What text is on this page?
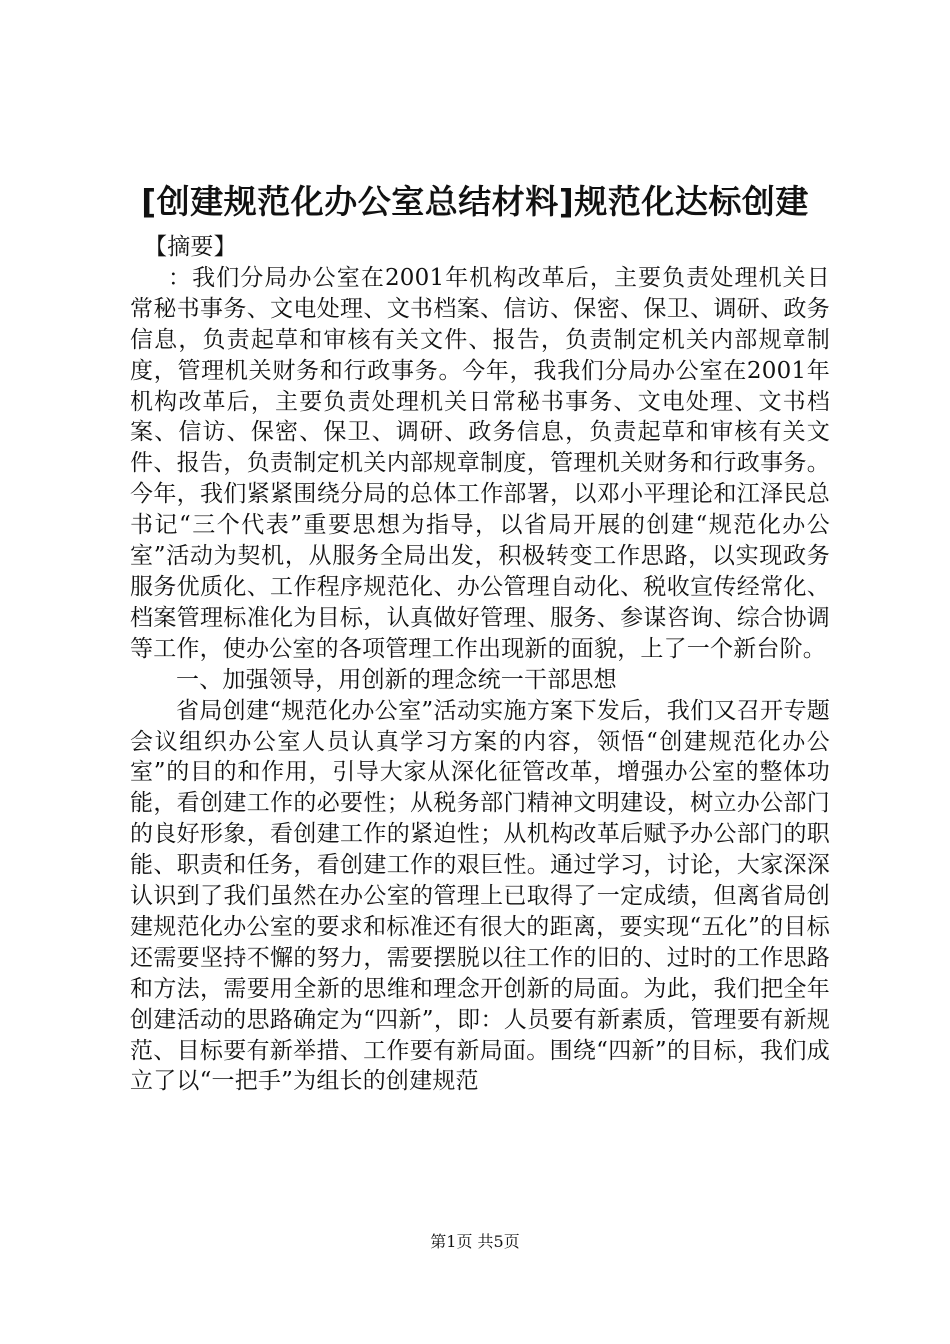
[创建规范化办公室总结材料]规范化达标创建

【摘要】

：我们分局办公室在2001年机构改革后，主要负责处理机关日常秘书事务、文电处理、文书档案、信访、保密、保卫、调研、政务信息，负责起草和审核有关文件、报告，负责制定机关内部规章制度，管理机关财务和行政事务。今年，我我们分局办公室在2001年机构改革后，主要负责处理机关日常秘书事务、文电处理、文书档案、信访、保密、保卫、调研、政务信息，负责起草和审核有关文件、报告，负责制定机关内部规章制度，管理机关财务和行政事务。今年，我们紧紧围绕分局的总体工作部署，以邓小平理论和江泽民总书记“三个代表”重要思想为指导，以省局开展的创建“规范化办公室”活动为契机，从服务全局出发，积极转变工作思路，以实现政务服务优质化、工作程序规范化、办公管理自动化、税收宣传经常化、档案管理标准化为目标，认真做好管理、服务、参谋咨询、综合协调等工作，使办公室的各项管理工作出现新的面貌，上了一个新台阶。

一、加强领导，用创新的理念统一干部思想

省局创建“规范化办公室”活动实施方案下发后，我们又召开专题会议组织办公室人员认真学习方案的内容，领悟“创建规范化办公室”的目的和作用，引导大家从深化征管改革，增强办公室的整体功能，看创建工作的必要性；从税务部门精神文明建设，树立办公部门的良好形象，看创建工作的紧迫性；从机构改革后赋予办公部门的职能、职责和任务，看创建工作的艰巨性。通过学习，讨论，大家深深认识到了我们虽然在办公室的管理上已取得了一定成绩，但离省局创建规范化办公室的要求和标准还有很大的距离，要实现“五化”的目标还需要坚持不懈的努力，需要摆脱以往工作的旧的、过时的工作思路和方法，需要用全新的思维和理念开创新的局面。为此，我们把全年创建活动的思路确定为“四新”，即：人员要有新素质，管理要有新规范、目标要有新举措、工作要有新局面。围绕“四新”的目标，我们成立了以“一把手”为组长的创建规范

第1页 共5页
